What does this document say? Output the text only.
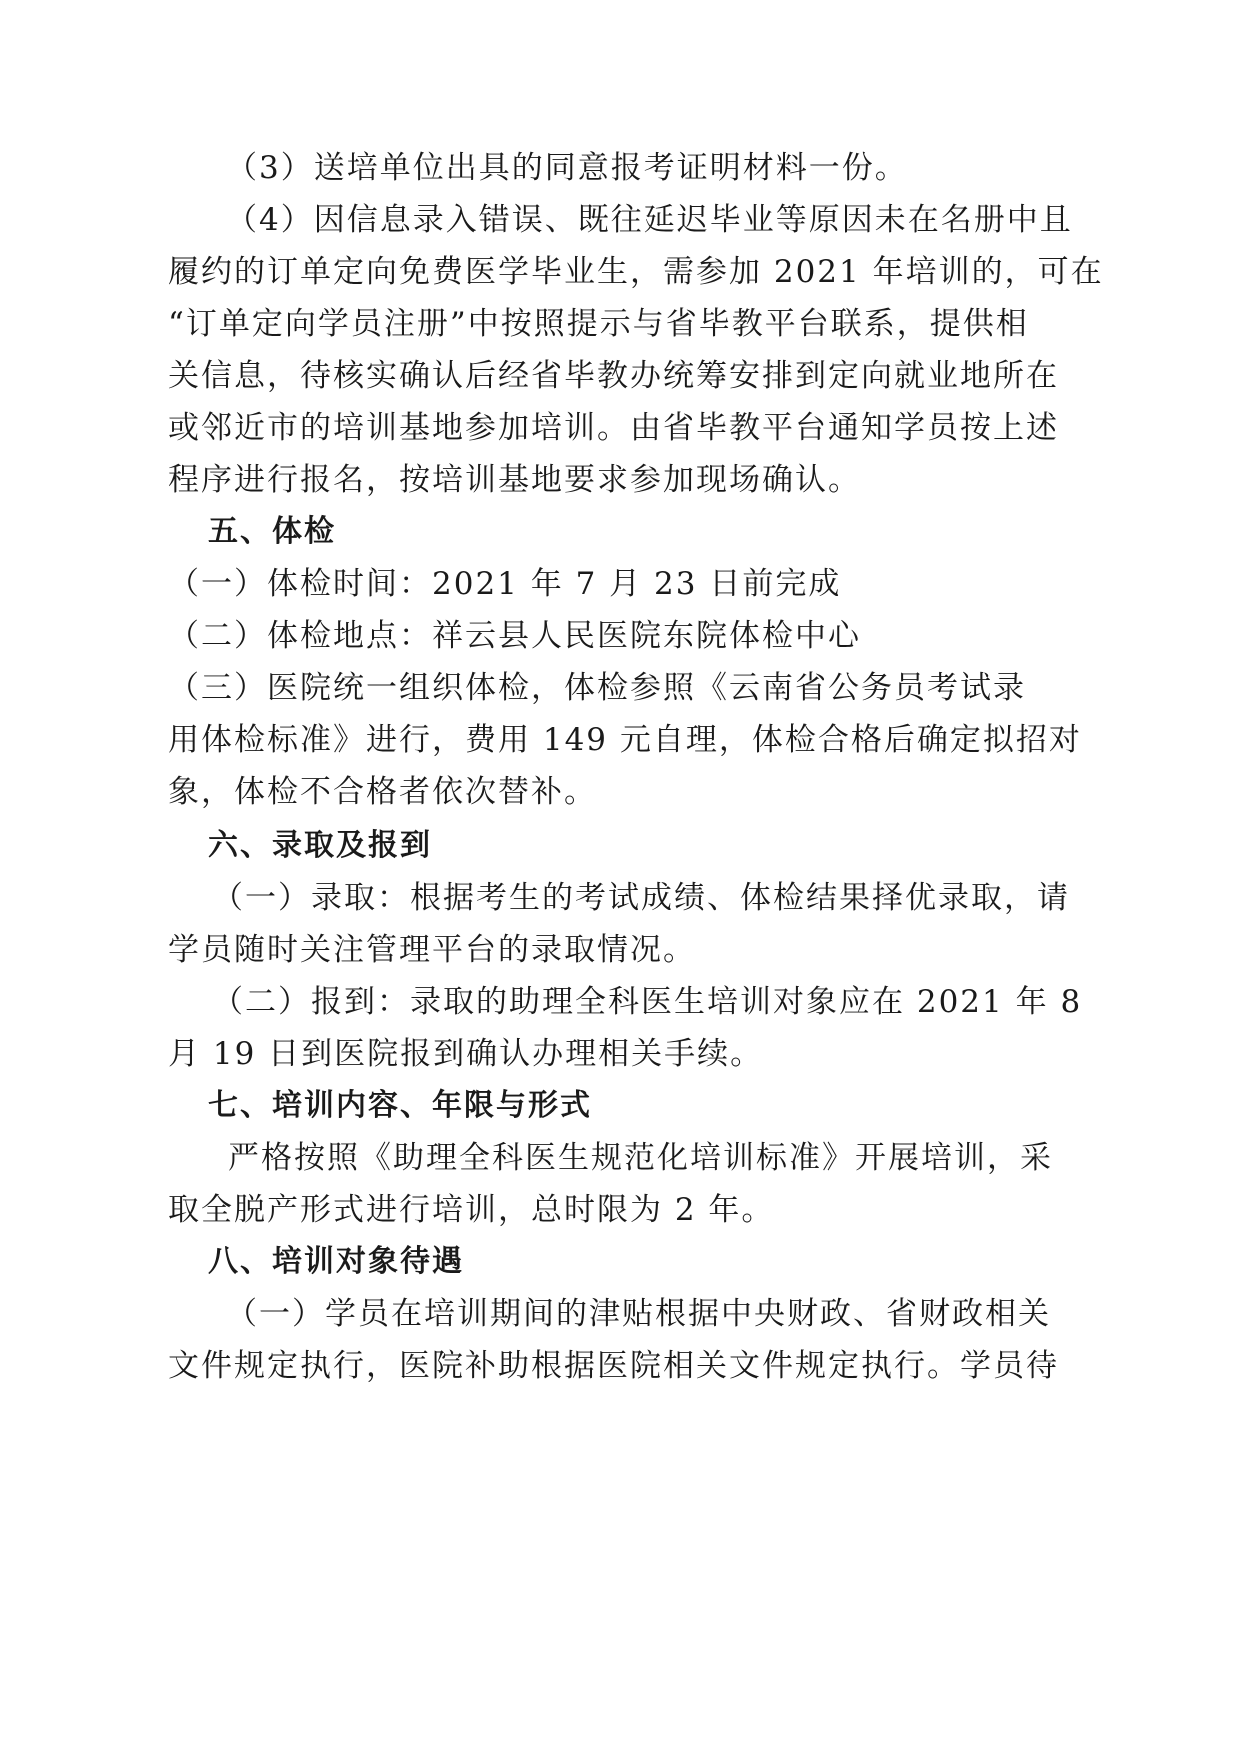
（3）送培单位出具的同意报考证明材料一份。
（4）因信息录入错误、既往延迟毕业等原因未在名册中且
履约的订单定向免费医学毕业生，需参加 2021 年培训的，可在
“订单定向学员注册”中按照提示与省毕教平台联系，提供相
关信息，待核实确认后经省毕教办统筹安排到定向就业地所在
或邻近市的培训基地参加培训。由省毕教平台通知学员按上述
程序进行报名，按培训基地要求参加现场确认。
五、体检
（一）体检时间：2021 年 7 月 23 日前完成
（二）体检地点：祥云县人民医院东院体检中心
（三）医院统一组织体检，体检参照《云南省公务员考试录
用体检标准》进行，费用 149 元自理，体检合格后确定拟招对
象，体检不合格者依次替补。
六、录取及报到
（一）录取：根据考生的考试成绩、体检结果择优录取，请
学员随时关注管理平台的录取情况。
（二）报到：录取的助理全科医生培训对象应在 2021 年 8
月 19 日到医院报到确认办理相关手续。
七、培训内容、年限与形式
严格按照《助理全科医生规范化培训标准》开展培训，采
取全脱产形式进行培训，总时限为 2 年。
八、培训对象待遇
（一）学员在培训期间的津贴根据中央财政、省财政相关
文件规定执行，医院补助根据医院相关文件规定执行。学员待
